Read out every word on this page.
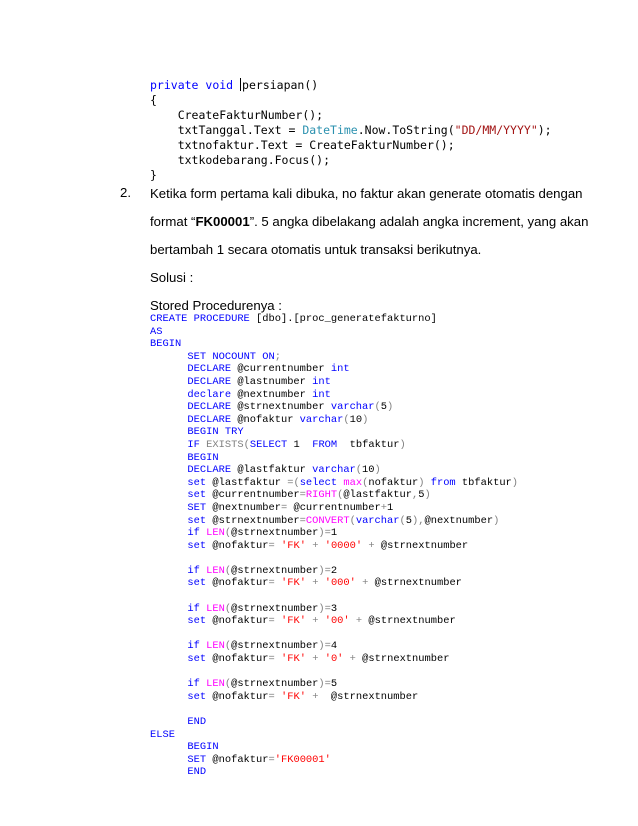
private void persiapan()
{
CreateFakturNumber();
txtTanggal.Text = DateTime.Now.ToString("DD/MM/YYYY");
txtnofaktur.Text = CreateFakturNumber();
txtkodebarang.Focus();
}
2. Ketika form pertama kali dibuka, no faktur akan generate otomatis dengan
format “FK00001”. 5 angka dibelakang adalah angka increment, yang akan
bertambah 1 secara otomatis untuk transaksi berikutnya.
Solusi :
Stored Procedurenya :
CREATE PROCEDURE [dbo].[proc_generatefakturno]
AS
BEGIN
SET NOCOUNT ON;
DECLARE @currentnumber int
DECLARE @lastnumber int
declare @nextnumber int
DECLARE @strnextnumber varchar(5)
DECLARE @nofaktur varchar(10)
BEGIN TRY
IF EXISTS(SELECT 1  FROM  tbfaktur)
BEGIN
DECLARE @lastfaktur varchar(10)
set @lastfaktur =(select max(nofaktur) from tbfaktur)
set @currentnumber=RIGHT(@lastfaktur,5)
SET @nextnumber= @currentnumber+1
set @strnextnumber=CONVERT(varchar(5),@nextnumber)
if LEN(@strnextnumber)=1
set @nofaktur= 'FK' + '0000' + @strnextnumber
if LEN(@strnextnumber)=2
set @nofaktur= 'FK' + '000' + @strnextnumber
if LEN(@strnextnumber)=3
set @nofaktur= 'FK' + '00' + @strnextnumber
if LEN(@strnextnumber)=4
set @nofaktur= 'FK' + '0' + @strnextnumber
if LEN(@strnextnumber)=5
set @nofaktur= 'FK' +  @strnextnumber
END
ELSE
BEGIN
SET @nofaktur='FK00001'
END
